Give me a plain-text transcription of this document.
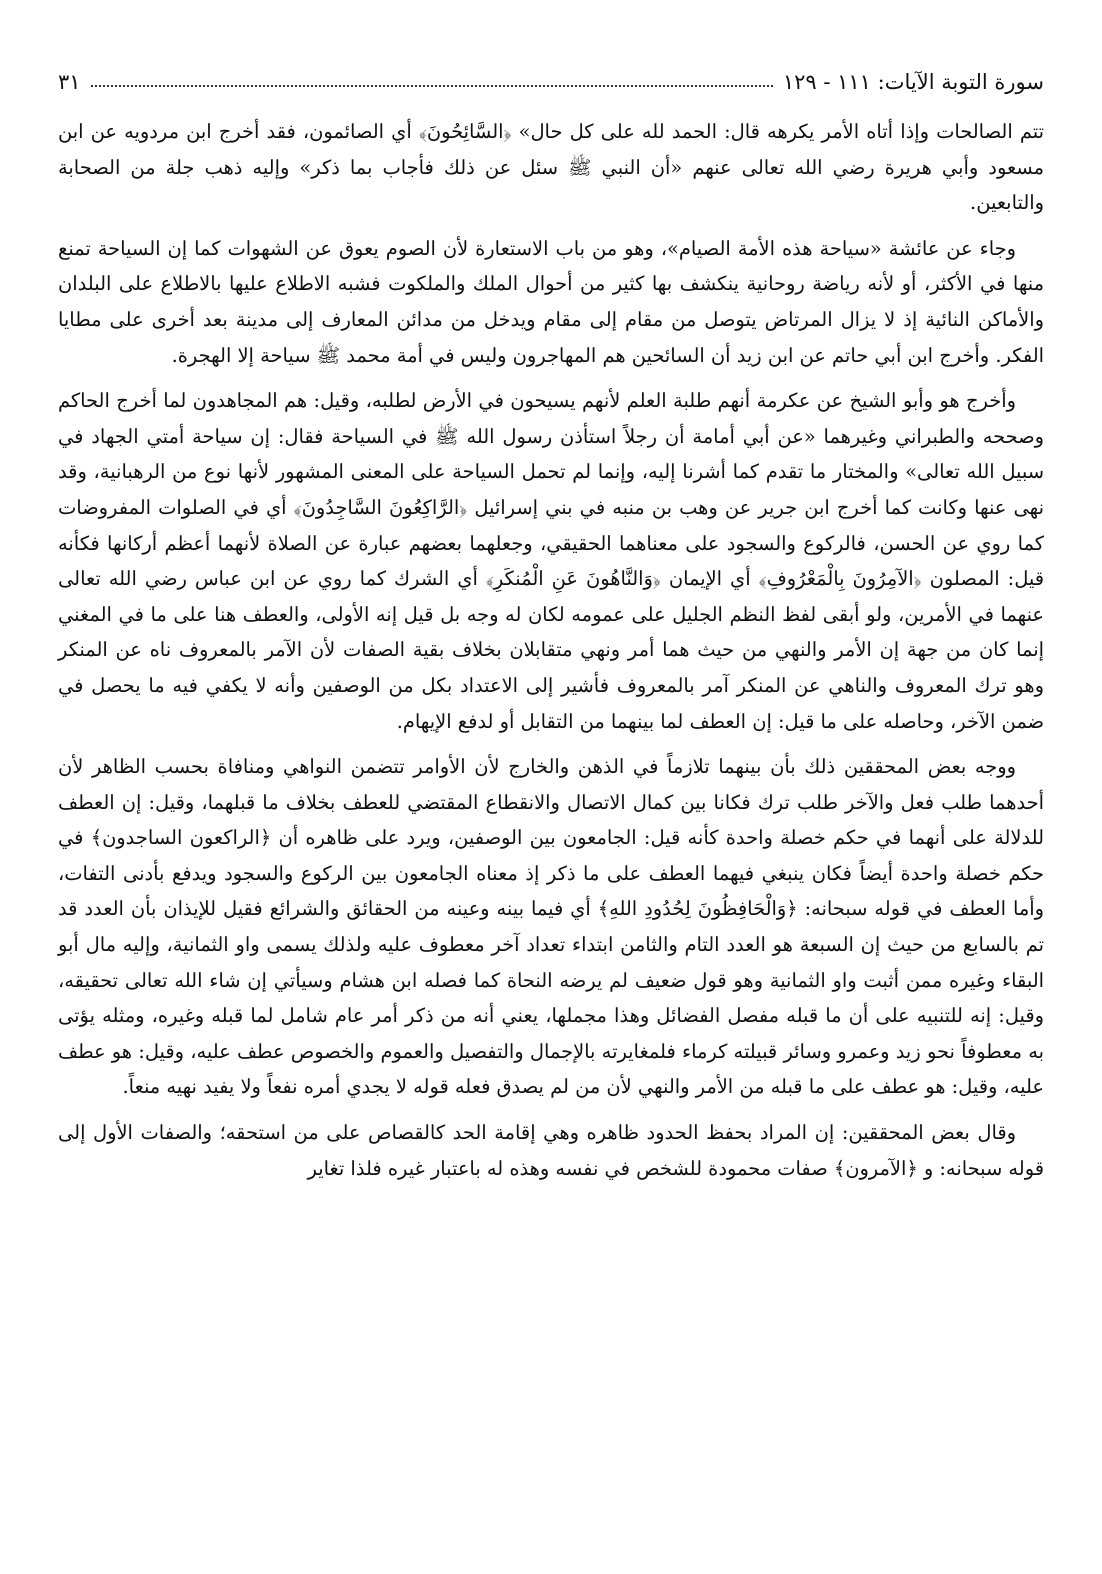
سورة التوبة الآيات: ١١١ - ١٢٩
٣١

تتم الصالحات وإذا أتاه الأمر يكرهه قال: الحمد لله على كل حال» ﴿السَّائِحُونَ﴾ أي الصائمون، فقد أخرج ابن مردويه عن ابن مسعود وأبي هريرة رضي الله تعالى عنهم «أن النبي ﷺ سئل عن ذلك فأجاب بما ذكر» وإليه ذهب جلة من الصحابة والتابعين.

وجاء عن عائشة «سياحة هذه الأمة الصيام»، وهو من باب الاستعارة لأن الصوم يعوق عن الشهوات كما إن السياحة تمنع منها في الأكثر، أو لأنه رياضة روحانية ينكشف بها كثير من أحوال الملك والملكوت فشبه الاطلاع عليها بالاطلاع على البلدان والأماكن النائية إذ لا يزال المرتاض يتوصل من مقام إلى مقام ويدخل من مدائن المعارف إلى مدينة بعد أخرى على مطايا الفكر. وأخرج ابن أبي حاتم عن ابن زيد أن السائحين هم المهاجرون وليس في أمة محمد ﷺ سياحة إلا الهجرة.

وأخرج هو وأبو الشيخ عن عكرمة أنهم طلبة العلم لأنهم يسيحون في الأرض لطلبه، وقيل: هم المجاهدون لما أخرج الحاكم وصححه والطبراني وغيرهما «عن أبي أمامة أن رجلاً استأذن رسول الله ﷺ في السياحة فقال: إن سياحة أمتي الجهاد في سبيل الله تعالى» والمختار ما تقدم كما أشرنا إليه، وإنما لم تحمل السياحة على المعنى المشهور لأنها نوع من الرهبانية، وقد نهى عنها وكانت كما أخرج ابن جرير عن وهب بن منبه في بني إسرائيل ﴿الرَّاكِعُونَ السَّاجِدُونَ﴾ أي في الصلوات المفروضات كما روي عن الحسن، فالركوع والسجود على معناهما الحقيقي، وجعلهما بعضهم عبارة عن الصلاة لأنهما أعظم أركانها فكأنه قيل: المصلون ﴿الآمِرُونَ بِالْمَعْرُوفِ﴾ أي الإيمان ﴿وَالنَّاهُونَ عَنِ الْمُنكَرِ﴾ أي الشرك كما روي عن ابن عباس رضي الله تعالى عنهما في الأمرين، ولو أبقى لفظ النظم الجليل على عمومه لكان له وجه بل قيل إنه الأولى، والعطف هنا على ما في المغني إنما كان من جهة إن الأمر والنهي من حيث هما أمر ونهي متقابلان بخلاف بقية الصفات لأن الآمر بالمعروف ناه عن المنكر وهو ترك المعروف والناهي عن المنكر آمر بالمعروف فأشير إلى الاعتداد بكل من الوصفين وأنه لا يكفي فيه ما يحصل في ضمن الآخر، وحاصله على ما قيل: إن العطف لما بينهما من التقابل أو لدفع الإيهام.

ووجه بعض المحققين ذلك بأن بينهما تلازماً في الذهن والخارج لأن الأوامر تتضمن النواهي ومنافاة بحسب الظاهر لأن أحدهما طلب فعل والآخر طلب ترك فكانا بين كمال الاتصال والانقطاع المقتضي للعطف بخلاف ما قبلهما، وقيل: إن العطف للدلالة على أنهما في حكم خصلة واحدة كأنه قيل: الجامعون بين الوصفين، ويرد على ظاهره أن ﴿الراكعون الساجدون﴾ في حكم خصلة واحدة أيضاً فكان ينبغي فيهما العطف على ما ذكر إذ معناه الجامعون بين الركوع والسجود ويدفع بأدنى التفات، وأما العطف في قوله سبحانه: ﴿وَالْحَافِظُونَ لِحُدُودِ اللهِ﴾ أي فيما بينه وعينه من الحقائق والشرائع فقيل للإيذان بأن العدد قد تم بالسابع من حيث إن السبعة هو العدد التام والثامن ابتداء تعداد آخر معطوف عليه ولذلك يسمى واو الثمانية، وإليه مال أبو البقاء وغيره ممن أثبت واو الثمانية وهو قول ضعيف لم يرضه النحاة كما فصله ابن هشام وسيأتي إن شاء الله تعالى تحقيقه، وقيل: إنه للتنبيه على أن ما قبله مفصل الفضائل وهذا مجملها، يعني أنه من ذكر أمر عام شامل لما قبله وغيره، ومثله يؤتى به معطوفاً نحو زيد وعمرو وسائر قبيلته كرماء فلمغايرته بالإجمال والتفصيل والعموم والخصوص عطف عليه، وقيل: هو عطف عليه، وقيل: هو عطف على ما قبله من الأمر والنهي لأن من لم يصدق فعله قوله لا يجدي أمره نفعاً ولا يفيد نهيه منعاً.

وقال بعض المحققين: إن المراد بحفظ الحدود ظاهره وهي إقامة الحد كالقصاص على من استحقه؛ والصفات الأول إلى قوله سبحانه: و ﴿الآمرون﴾ صفات محمودة للشخص في نفسه وهذه له باعتبار غيره فلذا تغاير
